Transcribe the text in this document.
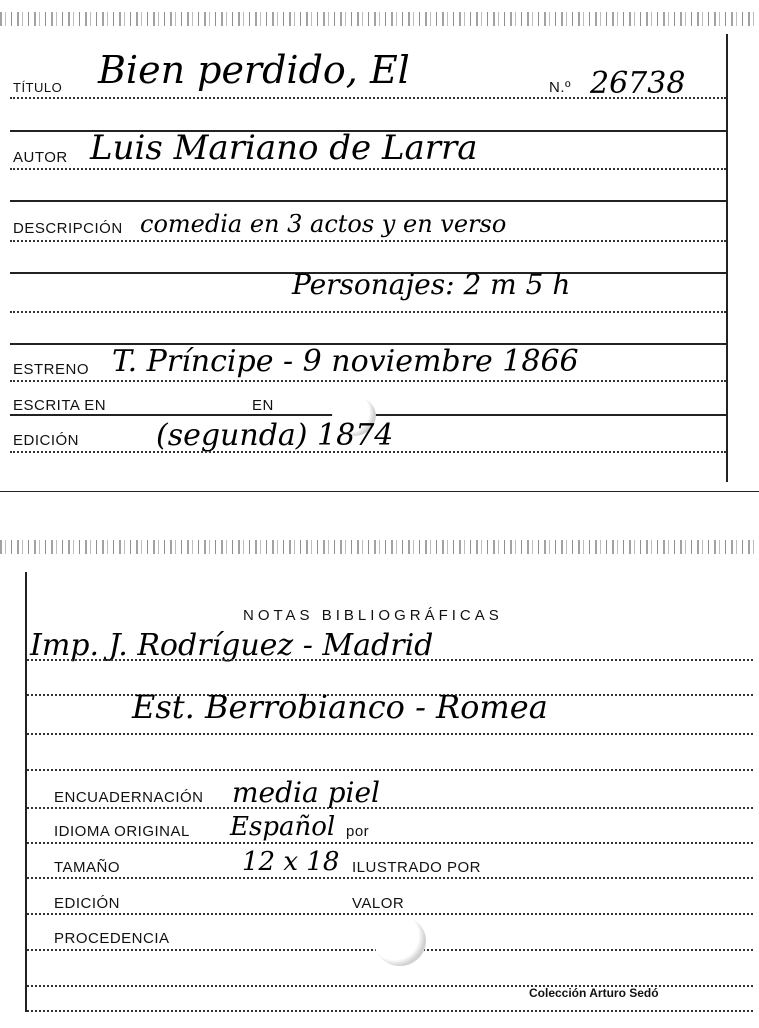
TÍTULO Bien perdido, El	N.º 26738
AUTOR Luis Mariano de Larra
DESCRIPCIÓN comedia en 3 actos y en verso
Personajes: 2 m 5 h
ESTRENO T. Príncipe - 9 noviembre 1866
ESCRITA EN	EN
EDICIÓN	(segunda) 1874
NOTAS BIBLIOGRÁFICAS
Imp. J. Rodríguez - Madrid
Est. Berrobianco - Romea
ENCUADERNACIÓN media piel
IDIOMA ORIGINAL Español por
TAMAÑO	12 x 18 ILUSTRADO POR
EDICIÓN	VALOR
PROCEDENCIA
Colección Arturo Sedó
